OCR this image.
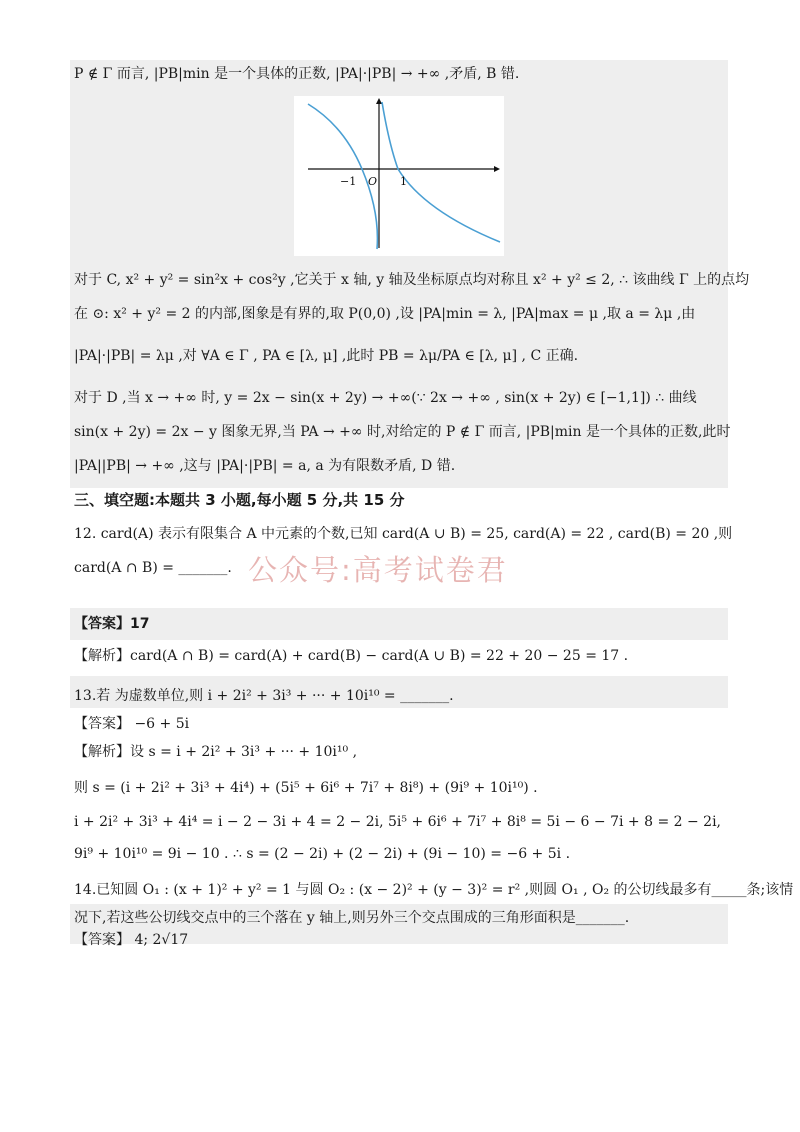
P ∉ Γ 而言, |PB|min 是一个具体的正数, |PA|·|PB| → +∞ ,矛盾, B 错.
−1 O 1
对于 C, x² + y² = sin²x + cos²y ,它关于 x 轴, y 轴及坐标原点均对称且 x² + y² ≤ 2, ∴ 该曲线 Γ 上的点均
在 ⊙: x² + y² = 2 的内部,图象是有界的,取 P(0,0) ,设 |PA|min = λ, |PA|max = μ ,取 a = λμ ,由
|PA|·|PB| = λμ ,对 ∀A ∈ Γ , PA ∈ [λ, μ] ,此时 PB = λμ/PA ∈ [λ, μ] , C 正确.
对于 D ,当 x → +∞ 时, y = 2x − sin(x + 2y) → +∞(∵ 2x → +∞ , sin(x + 2y) ∈ [−1,1]) ∴ 曲线
sin(x + 2y) = 2x − y 图象无界,当 PA → +∞ 时,对给定的 P ∉ Γ 而言, |PB|min 是一个具体的正数,此时
|PA||PB| → +∞ ,这与 |PA|·|PB| = a, a 为有限数矛盾, D 错.
三、填空题:本题共 3 小题,每小题 5 分,共 15 分
12. card(A) 表示有限集合 A 中元素的个数,已知 card(A ∪ B) = 25, card(A) = 22 , card(B) = 20 ,则
card(A ∩ B) = _______. 公众号:高考试卷君
【答案】17
【解析】card(A ∩ B) = card(A) + card(B) − card(A ∪ B) = 22 + 20 − 25 = 17 .
13.若 为虚数单位,则 i + 2i² + 3i³ + ··· + 10i¹⁰ = _______.
【答案】 −6 + 5i
【解析】设 s = i + 2i² + 3i³ + ··· + 10i¹⁰ ,
则 s = (i + 2i² + 3i³ + 4i⁴) + (5i⁵ + 6i⁶ + 7i⁷ + 8i⁸) + (9i⁹ + 10i¹⁰) .
i + 2i² + 3i³ + 4i⁴ = i − 2 − 3i + 4 = 2 − 2i, 5i⁵ + 6i⁶ + 7i⁷ + 8i⁸ = 5i − 6 − 7i + 8 = 2 − 2i,
9i⁹ + 10i¹⁰ = 9i − 10 . ∴ s = (2 − 2i) + (2 − 2i) + (9i − 10) = −6 + 5i .
14.已知圆 O₁ : (x + 1)² + y² = 1 与圆 O₂ : (x − 2)² + (y − 3)² = r² ,则圆 O₁ , O₂ 的公切线最多有_____条;该情
况下,若这些公切线交点中的三个落在 y 轴上,则另外三个交点围成的三角形面积是_______.
【答案】 4; 2√17
